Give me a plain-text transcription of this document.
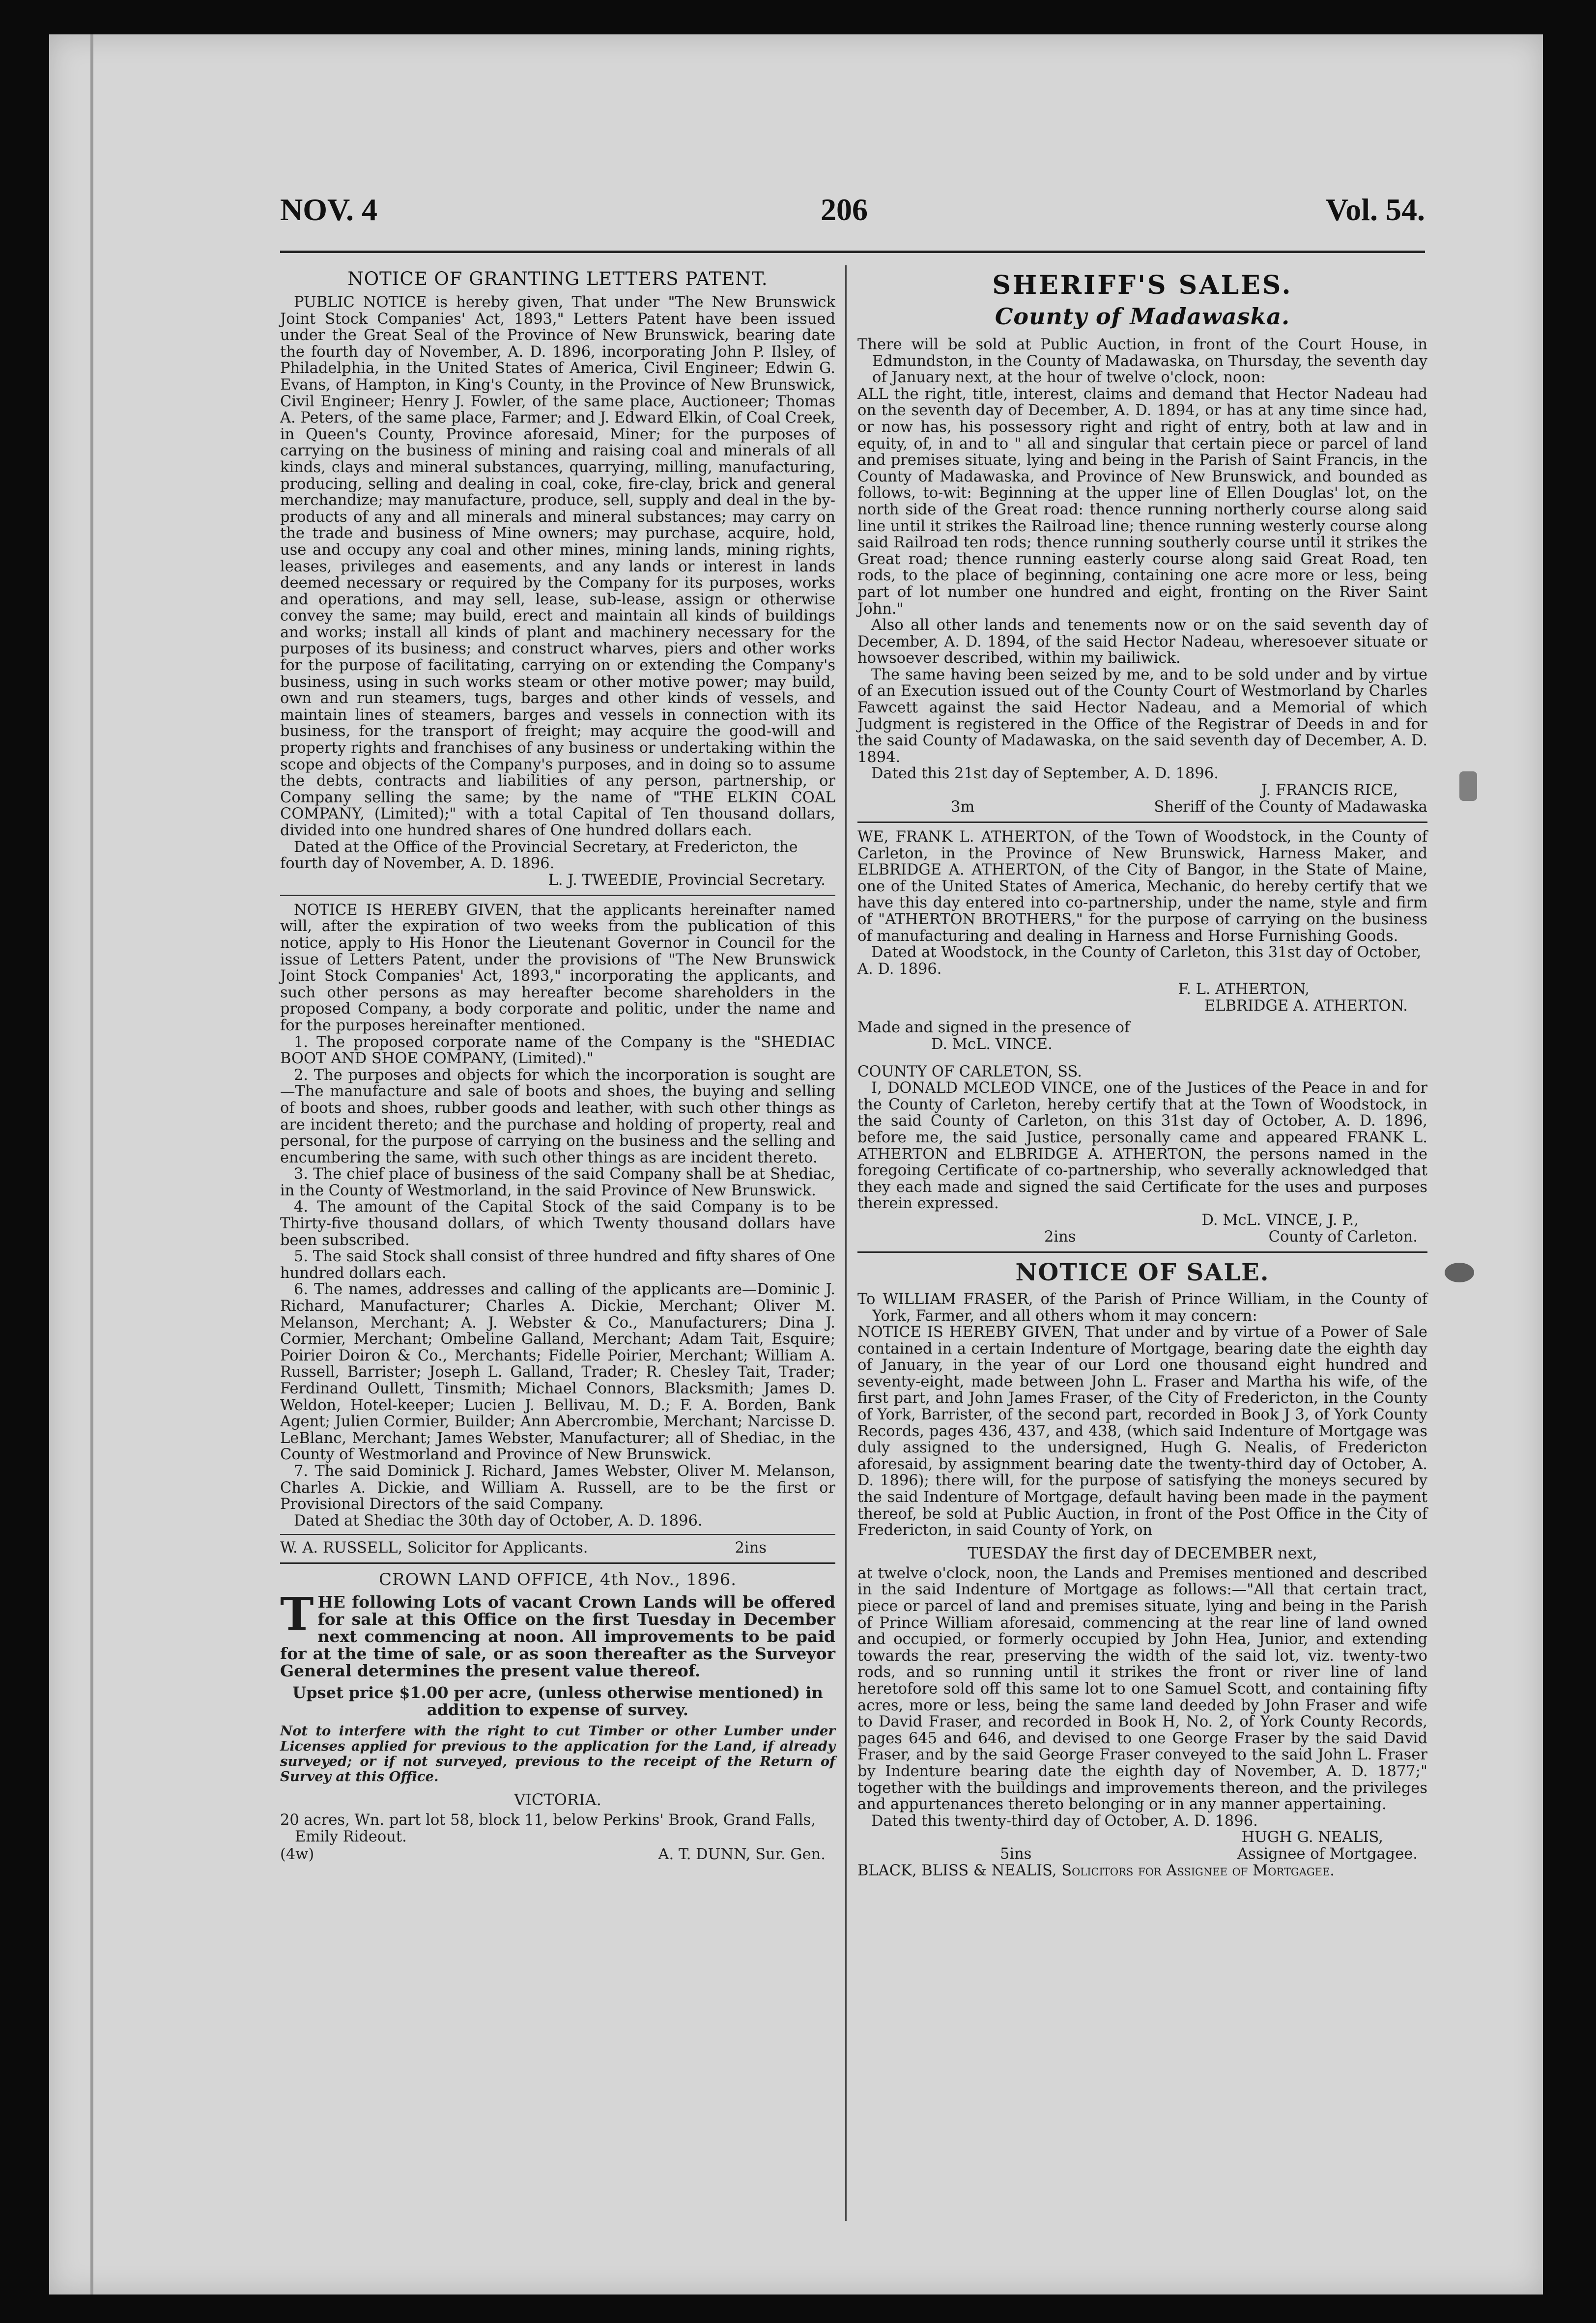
NOV. 4	206	Vol. 54.
NOTICE OF GRANTING LETTERS PATENT.

PUBLIC NOTICE is hereby given, That under "The New Brunswick Joint Stock Companies' Act, 1893," Letters Patent have been issued under the Great Seal of the Province of New Brunswick, bearing date the fourth day of November, A. D. 1896, incorporating John P. Ilsley, of Philadelphia, in the United States of America, Civil Engineer; Edwin G. Evans, of Hampton, in King's County, in the Province of New Brunswick, Civil Engineer; Henry J. Fowler, of the same place, Auctioneer; Thomas A. Peters, of the same place, Farmer; and J. Edward Elkin, of Coal Creek, in Queen's County, Province aforesaid, Miner; for the purposes of carrying on the business of mining and raising coal and minerals of all kinds, clays and mineral substances, quarrying, milling, manufacturing, producing, selling and dealing in coal, coke, fire-clay, brick and general merchandize; may manufacture, produce, sell, supply and deal in the by-products of any and all minerals and mineral substances; may carry on the trade and business of Mine owners; may purchase, acquire, hold, use and occupy any coal and other mines, mining lands, mining rights, leases, privileges and easements, and any lands or interest in lands deemed necessary or required by the Company for its purposes, works and operations, and may sell, lease, sub-lease, assign or otherwise convey the same; may build, erect and maintain all kinds of buildings and works; install all kinds of plant and machinery necessary for the purposes of its business; and construct wharves, piers and other works for the purpose of facilitating, carrying on or extending the Company's business, using in such works steam or other motive power; may build, own and run steamers, tugs, barges and other kinds of vessels, and maintain lines of steamers, barges and vessels in connection with its business, for the transport of freight; may acquire the good-will and property rights and franchises of any business or undertaking within the scope and objects of the Company's purposes, and in doing so to assume the debts, contracts and liabilities of any person, partnership, or Company selling the same; by the name of "THE ELKIN COAL COMPANY, (Limited);" with a total Capital of Ten thousand dollars, divided into one hundred shares of One hundred dollars each.

Dated at the Office of the Provincial Secretary, at Fredericton, the fourth day of November, A. D. 1896.

L. J. TWEEDIE, Provincial Secretary.

NOTICE IS HEREBY GIVEN, that the applicants hereinafter named will, after the expiration of two weeks from the publication of this notice, apply to His Honor the Lieutenant Governor in Council for the issue of Letters Patent, under the provisions of "The New Brunswick Joint Stock Companies' Act, 1893," incorporating the applicants, and such other persons as may hereafter become shareholders in the proposed Company, a body corporate and politic, under the name and for the purposes hereinafter mentioned.

1. The proposed corporate name of the Company is the "SHEDIAC BOOT AND SHOE COMPANY, (Limited)."

2. The purposes and objects for which the incorporation is sought are—The manufacture and sale of boots and shoes, the buying and selling of boots and shoes, rubber goods and leather, with such other things as are incident thereto; and the purchase and holding of property, real and personal, for the purpose of carrying on the business and the selling and encumbering the same, with such other things as are incident thereto.

3. The chief place of business of the said Company shall be at Shediac, in the County of Westmorland, in the said Province of New Brunswick.

4. The amount of the Capital Stock of the said Company is to be Thirty-five thousand dollars, of which Twenty thousand dollars have been subscribed.

5. The said Stock shall consist of three hundred and fifty shares of One hundred dollars each.

6. The names, addresses and calling of the applicants are—Dominic J. Richard, Manufacturer; Charles A. Dickie, Merchant; Oliver M. Melanson, Merchant; A. J. Webster & Co., Manufacturers; Dina J. Cormier, Merchant; Ombeline Galland, Merchant; Adam Tait, Esquire; Poirier Doiron & Co., Merchants; Fidelle Poirier, Merchant; William A. Russell, Barrister; Joseph L. Galland, Trader; R. Chesley Tait, Trader; Ferdinand Oullett, Tinsmith; Michael Connors, Blacksmith; James D. Weldon, Hotel-keeper; Lucien J. Bellivau, M. D.; F. A. Borden, Bank Agent; Julien Cormier, Builder; Ann Abercrombie, Merchant; Narcisse D. LeBlanc, Merchant; James Webster, Manufacturer; all of Shediac, in the County of Westmorland and Province of New Brunswick.

7. The said Dominick J. Richard, James Webster, Oliver M. Melanson, Charles A. Dickie, and William A. Russell, are to be the first or Provisional Directors of the said Company.

Dated at Shediac the 30th day of October, A. D. 1896.

W. A. RUSSELL, Solicitor for Applicants.	2ins
CROWN LAND OFFICE, 4th Nov., 1896.

THE following Lots of vacant Crown Lands will be offered for sale at this Office on the first Tuesday in December next commencing at noon. All improvements to be paid for at the time of sale, or as soon thereafter as the Surveyor General determines the present value thereof.

Upset price $1.00 per acre, (unless otherwise mentioned) in addition to expense of survey.

Not to interfere with the right to cut Timber or other Lumber under Licenses applied for previous to the application for the Land, if already surveyed; or if not surveyed, previous to the receipt of the Return of Survey at this Office.

VICTORIA.

20 acres, Wn. part lot 58, block 11, below Perkins' Brook, Grand Falls, Emily Rideout.

(4w)	A. T. DUNN, Sur. Gen.
SHERIFF'S SALES.
County of Madawaska.

There will be sold at Public Auction, in front of the Court House, in Edmundston, in the County of Madawaska, on Thursday, the seventh day of January next, at the hour of twelve o'clock, noon:

ALL the right, title, interest, claims and demand that Hector Nadeau had on the seventh day of December, A. D. 1894, or has at any time since had, or now has, his possessory right and right of entry, both at law and in equity, of, in and to " all and singular that certain piece or parcel of land and premises situate, lying and being in the Parish of Saint Francis, in the County of Madawaska, and Province of New Brunswick, and bounded as follows, to-wit: Beginning at the upper line of Ellen Douglas' lot, on the north side of the Great road: thence running northerly course along said line until it strikes the Railroad line; thence running westerly course along said Railroad ten rods; thence running southerly course until it strikes the Great road; thence running easterly course along said Great Road, ten rods, to the place of beginning, containing one acre more or less, being part of lot number one hundred and eight, fronting on the River Saint John."

Also all other lands and tenements now or on the said seventh day of December, A. D. 1894, of the said Hector Nadeau, wheresoever situate or howsoever described, within my bailiwick.

The same having been seized by me, and to be sold under and by virtue of an Execution issued out of the County Court of Westmorland by Charles Fawcett against the said Hector Nadeau, and a Memorial of which Judgment is registered in the Office of the Registrar of Deeds in and for the said County of Madawaska, on the said seventh day of December, A. D. 1894.

Dated this 21st day of September, A. D. 1896.

J. FRANCIS RICE,

3m	Sheriff of the County of Madawaska

WE, FRANK L. ATHERTON, of the Town of Woodstock, in the County of Carleton, in the Province of New Brunswick, Harness Maker, and ELBRIDGE A. ATHERTON, of the City of Bangor, in the State of Maine, one of the United States of America, Mechanic, do hereby certify that we have this day entered into co-partnership, under the name, style and firm of "ATHERTON BROTHERS," for the purpose of carrying on the business of manufacturing and dealing in Harness and Horse Furnishing Goods.

Dated at Woodstock, in the County of Carleton, this 31st day of October, A. D. 1896.

F. L. ATHERTON,

ELBRIDGE A. ATHERTON.

Made and signed in the presence of

D. McL. VINCE.

COUNTY OF CARLETON, SS.

I, DONALD MCLEOD VINCE, one of the Justices of the Peace in and for the County of Carleton, hereby certify that at the Town of Woodstock, in the said County of Carleton, on this 31st day of October, A. D. 1896, before me, the said Justice, personally came and appeared FRANK L. ATHERTON and ELBRIDGE A. ATHERTON, the persons named in the foregoing Certificate of co-partnership, who severally acknowledged that they each made and signed the said Certificate for the uses and purposes therein expressed.

D. McL. VINCE, J. P.,

2ins	County of Carleton.
NOTICE OF SALE.

To WILLIAM FRASER, of the Parish of Prince William, in the County of York, Farmer, and all others whom it may concern:

NOTICE IS HEREBY GIVEN, That under and by virtue of a Power of Sale contained in a certain Indenture of Mortgage, bearing date the eighth day of January, in the year of our Lord one thousand eight hundred and seventy-eight, made between John L. Fraser and Martha his wife, of the first part, and John James Fraser, of the City of Fredericton, in the County of York, Barrister, of the second part, recorded in Book J 3, of York County Records, pages 436, 437, and 438, (which said Indenture of Mortgage was duly assigned to the undersigned, Hugh G. Nealis, of Fredericton aforesaid, by assignment bearing date the twenty-third day of October, A. D. 1896); there will, for the purpose of satisfying the moneys secured by the said Indenture of Mortgage, default having been made in the payment thereof, be sold at Public Auction, in front of the Post Office in the City of Fredericton, in said County of York, on

TUESDAY the first day of DECEMBER next,

at twelve o'clock, noon, the Lands and Premises mentioned and described in the said Indenture of Mortgage as follows:—"All that certain tract, piece or parcel of land and premises situate, lying and being in the Parish of Prince William aforesaid, commencing at the rear line of land owned and occupied, or formerly occupied by John Hea, Junior, and extending towards the rear, preserving the width of the said lot, viz. twenty-two rods, and so running until it strikes the front or river line of land heretofore sold off this same lot to one Samuel Scott, and containing fifty acres, more or less, being the same land deeded by John Fraser and wife to David Fraser, and recorded in Book H, No. 2, of York County Records, pages 645 and 646, and devised to one George Fraser by the said David Fraser, and by the said George Fraser conveyed to the said John L. Fraser by Indenture bearing date the eighth day of November, A. D. 1877;" together with the buildings and improvements thereon, and the privileges and appurtenances thereto belonging or in any manner appertaining.

Dated this twenty-third day of October, A. D. 1896.

HUGH G. NEALIS,

5ins	Assignee of Mortgagee.

BLACK, BLISS & NEALIS, Solicitors for Assignee of Mortgagee.
